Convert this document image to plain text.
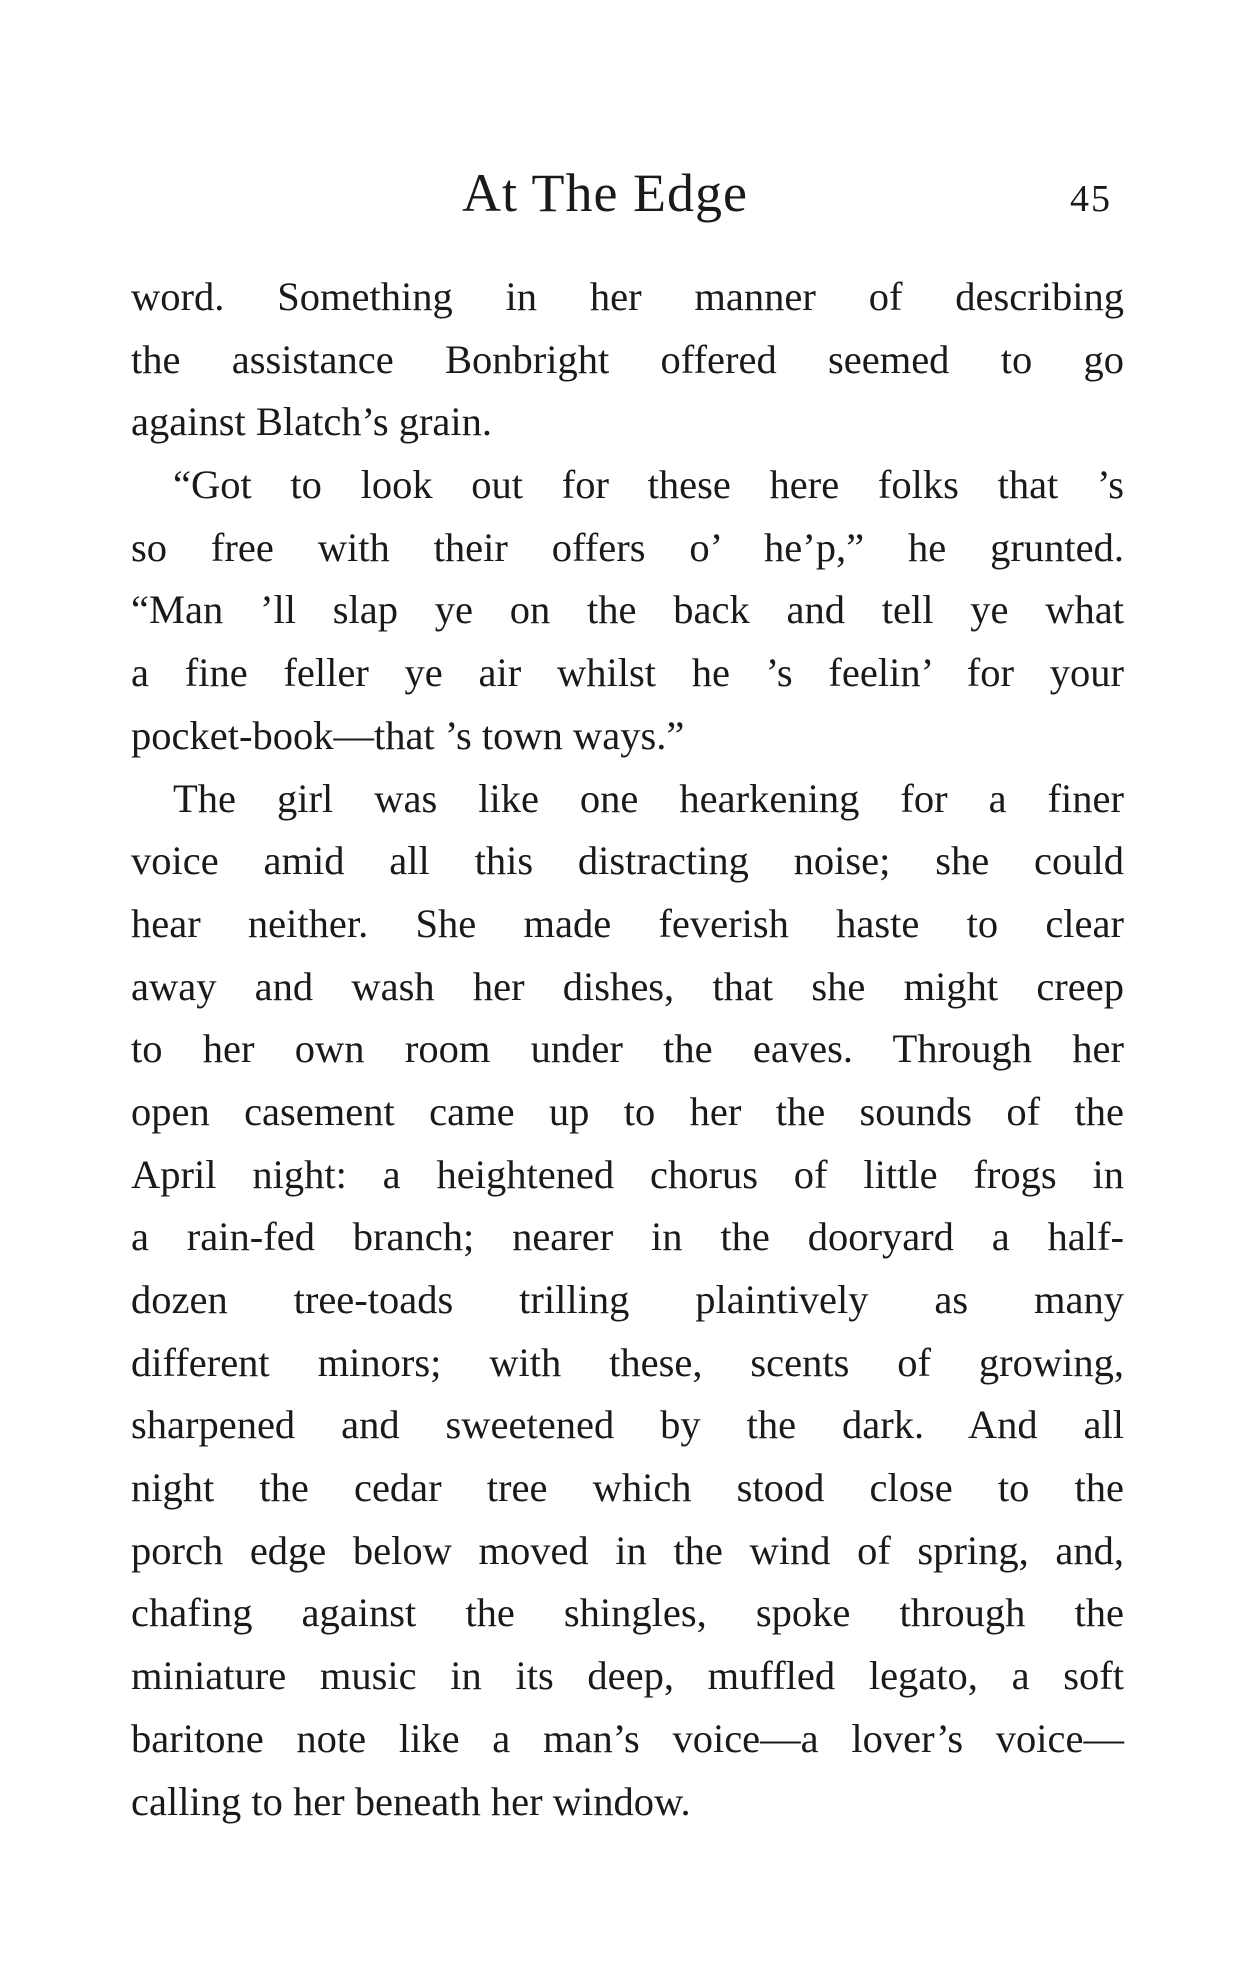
At The Edge	45
word. Something in her manner of describing
the assistance Bonbright offered seemed to go
against Blatch’s grain.
“Got to look out for these here folks that ’s
so free with their offers o’ he’p,” he grunted.
“Man ’ll slap ye on the back and tell ye what
a fine feller ye air whilst he ’s feelin’ for your
pocket-book—that ’s town ways.”
The girl was like one hearkening for a finer
voice amid all this distracting noise; she could
hear neither. She made feverish haste to clear
away and wash her dishes, that she might creep
to her own room under the eaves. Through her
open casement came up to her the sounds of the
April night: a heightened chorus of little frogs in
a rain-fed branch; nearer in the dooryard a half-
dozen tree-toads trilling plaintively as many
different minors; with these, scents of growing,
sharpened and sweetened by the dark. And all
night the cedar tree which stood close to the
porch edge below moved in the wind of spring, and,
chafing against the shingles, spoke through the
miniature music in its deep, muffled legato, a soft
baritone note like a man’s voice—a lover’s voice—
calling to her beneath her window.
